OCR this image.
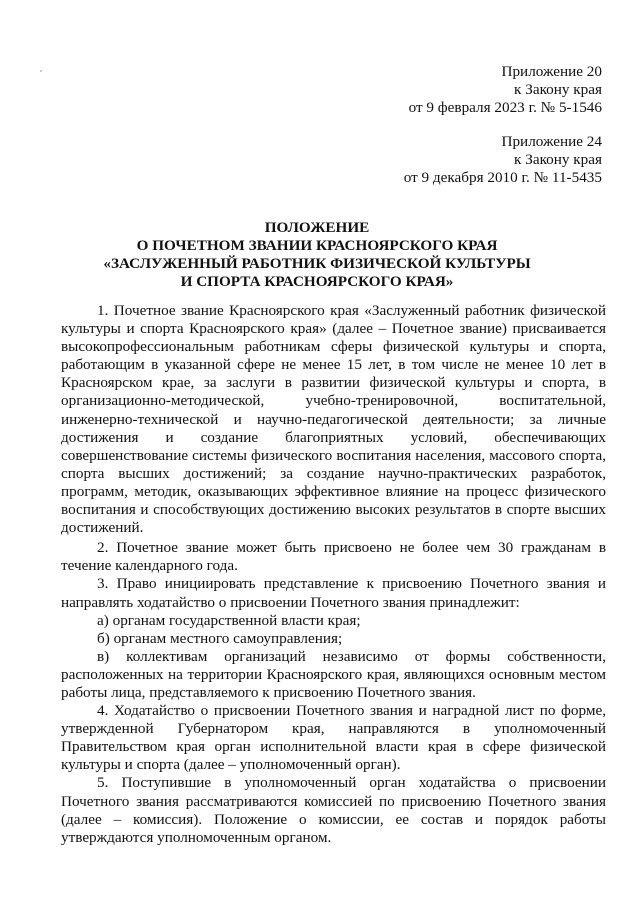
Приложение 20
к Закону края
от 9 февраля 2023 г. № 5-1546
Приложение 24
к Закону края
от 9 декабря 2010 г. № 11-5435
ПОЛОЖЕНИЕ
О ПОЧЕТНОМ ЗВАНИИ КРАСНОЯРСКОГО КРАЯ
«ЗАСЛУЖЕННЫЙ РАБОТНИК ФИЗИЧЕСКОЙ КУЛЬТУРЫ
И СПОРТА КРАСНОЯРСКОГО КРАЯ»

1. Почетное звание Красноярского края «Заслуженный работник физической культуры и спорта Красноярского края» (далее – Почетное звание) присваивается высокопрофессиональным работникам сферы физической культуры и спорта, работающим в указанной сфере не менее 15 лет, в том числе не менее 10 лет в Красноярском крае, за заслуги в развитии физической культуры и спорта, в организационно-методической, учебно-тренировочной, воспитательной, инженерно-технической и научно-педагогической деятельности; за личные достижения и создание благоприятных условий, обеспечивающих совершенствование системы физического воспитания населения, массового спорта, спорта высших достижений; за создание научно-практических разработок, программ, методик, оказывающих эффективное влияние на процесс физического воспитания и способствующих достижению высоких результатов в спорте высших достижений.

2. Почетное звание может быть присвоено не более чем 30 гражданам в течение календарного года.

3. Право инициировать представление к присвоению Почетного звания и направлять ходатайство о присвоении Почетного звания принадлежит:

а) органам государственной власти края;

б) органам местного самоуправления;

в) коллективам организаций независимо от формы собственности, расположенных на территории Красноярского края, являющихся основным местом работы лица, представляемого к присвоению Почетного звания.

4. Ходатайство о присвоении Почетного звания и наградной лист по форме, утвержденной Губернатором края, направляются в уполномоченный Правительством края орган исполнительной власти края в сфере физической культуры и спорта (далее – уполномоченный орган).

5. Поступившие в уполномоченный орган ходатайства о присвоении Почетного звания рассматриваются комиссией по присвоению Почетного звания (далее – комиссия). Положение о комиссии, ее состав и порядок работы утверждаются уполномоченным органом.
